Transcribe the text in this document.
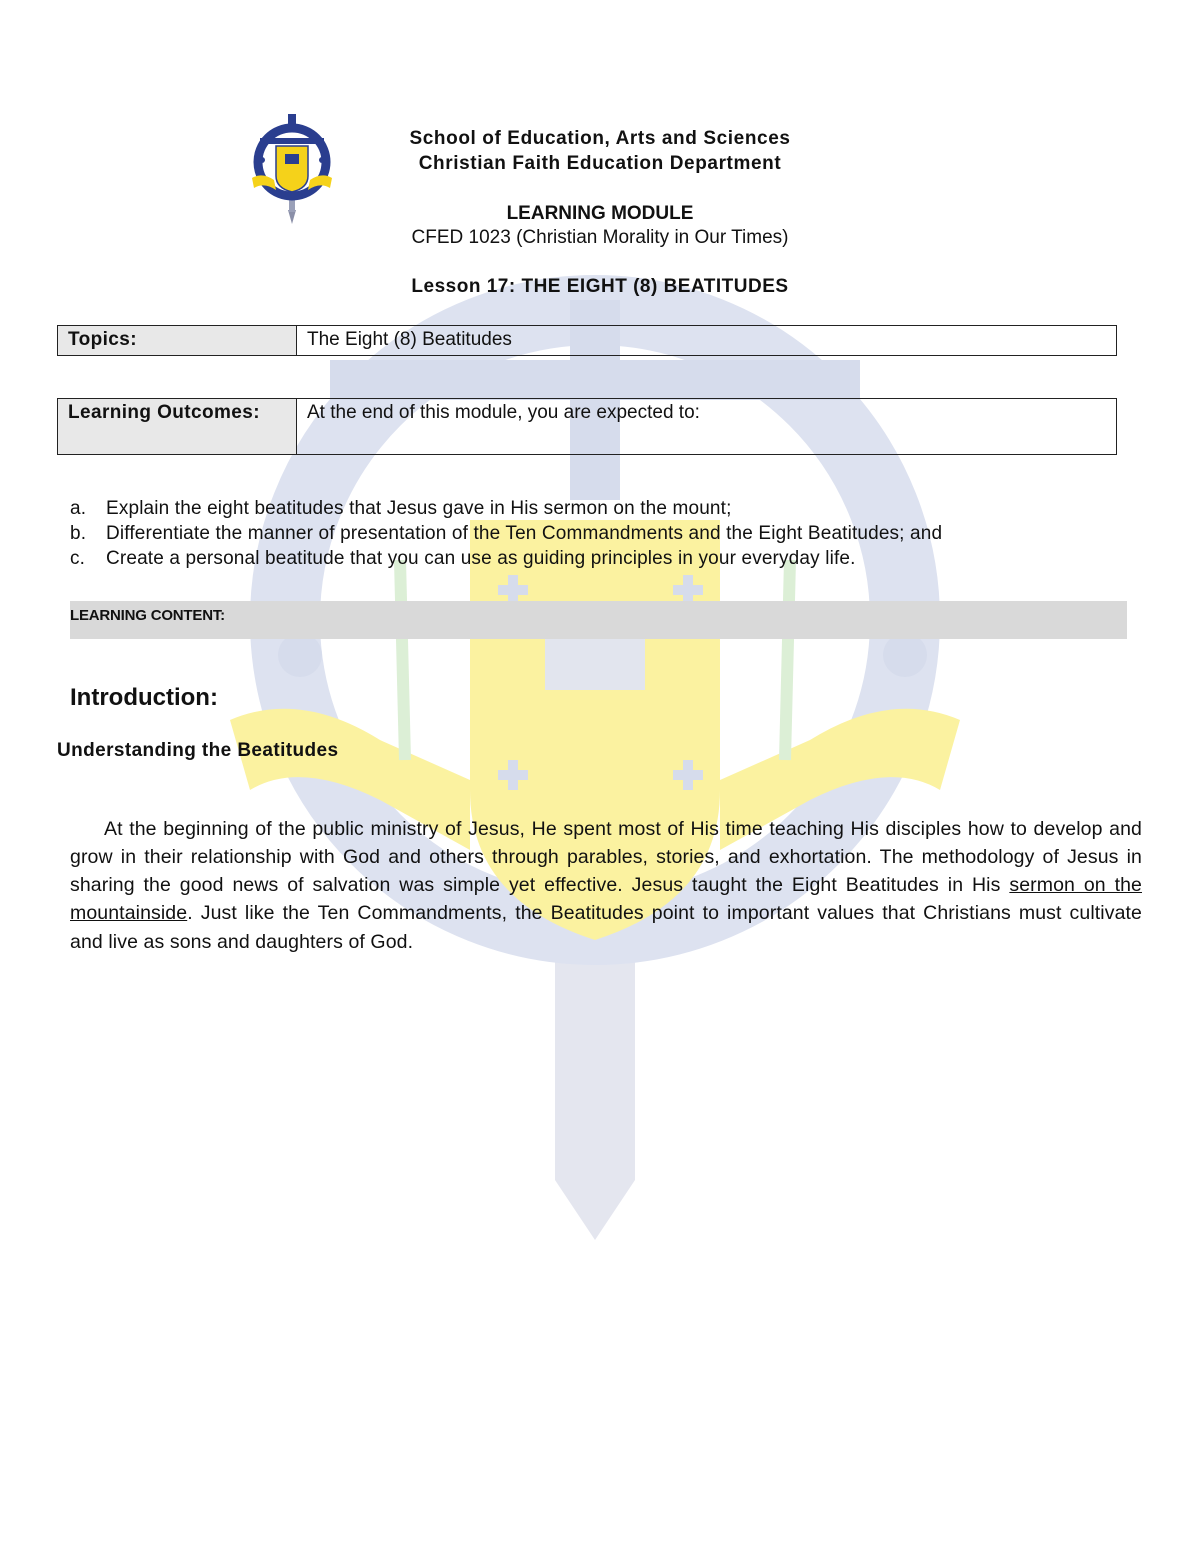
School of Education, Arts and Sciences
Christian Faith Education Department
LEARNING MODULE
CFED 1023 (Christian Morality in Our Times)
Lesson 17: THE EIGHT (8) BEATITUDES
Topics:	The Eight (8) Beatitudes
Learning Outcomes:	At the end of this module, you are expected to:
a. Explain the eight beatitudes that Jesus gave in His sermon on the mount;
b. Differentiate the manner of presentation of the Ten Commandments and the Eight Beatitudes; and
c. Create a personal beatitude that you can use as guiding principles in your everyday life.
LEARNING CONTENT:
Introduction:
Understanding the Beatitudes

At the beginning of the public ministry of Jesus, He spent most of His time teaching His disciples how to develop and grow in their relationship with God and others through parables, stories, and exhortation. The methodology of Jesus in sharing the good news of salvation was simple yet effective. Jesus taught the Eight Beatitudes in His sermon on the mountainside. Just like the Ten Commandments, the Beatitudes point to important values that Christians must cultivate and live as sons and daughters of God.
